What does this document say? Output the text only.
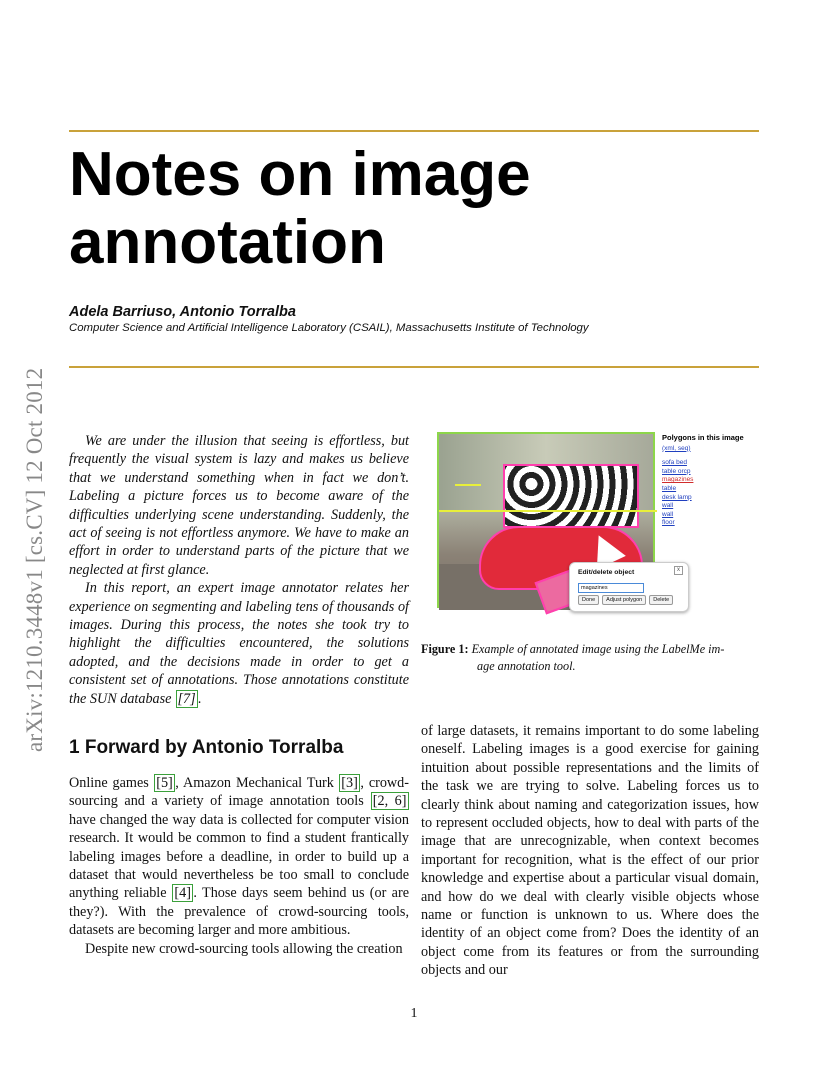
Notes on image
annotation
Adela Barriuso, Antonio Torralba
Computer Science and Artificial Intelligence Laboratory (CSAIL), Massachusetts Institute of Technology
arXiv:1210.3448v1 [cs.CV] 12 Oct 2012	We are under the illusion that seeing is effortless, but frequently the visual system is lazy and makes us believe that we understand something when in fact we don’t. Labeling a picture forces us to become aware of the difficulties underlying scene understanding. Suddenly, the act of seeing is not effortless anymore. We have to make an effort in order to understand parts of the picture that we neglected at first glance.

In this report, an expert image annotator relates her experience on segmenting and labeling tens of thousands of images. During this process, the notes she took try to highlight the difficulties encountered, the solutions adopted, and the decisions made in order to get a consistent set of annotations. Those annotations constitute the SUN database [7] .

Edit/delete object	x
magazines
Done	Adjust polygon	Delete
Polygons in this image
(xml, seq)
sofa bed
table orcp
magazines
table
desk lamp
wall
wall
floor
Figure 1: Example of annotated image using the LabelMe im-
age annotation tool.
1 Forward by Antonio Torralba

Online games [5] , Amazon Mechanical Turk [3] , crowd-sourcing and a variety of image annotation tools [2, 6] have changed the way data is collected for computer vision research. It would be common to find a student frantically labeling images before a deadline, in order to build up a dataset that would nevertheless be too small to conclude anything reliable [4] . Those days seem behind us (or are they?). With the prevalence of crowd-sourcing tools, datasets are becoming larger and more ambitious.

Despite new crowd-sourcing tools allowing the creation

of large datasets, it remains important to do some labeling oneself. Labeling images is a good exercise for gaining intuition about possible representations and the limits of the task we are trying to solve. Labeling forces us to clearly think about naming and categorization issues, how to represent occluded objects, how to deal with parts of the image that are unrecognizable, when context becomes important for recognition, what is the effect of our prior knowledge and expertise about a particular visual domain, and how do we deal with clearly visible objects whose name or function is unknown to us. Where does the identity of an object come from? Does the identity of an object come from its features or from the surrounding objects and our

1
